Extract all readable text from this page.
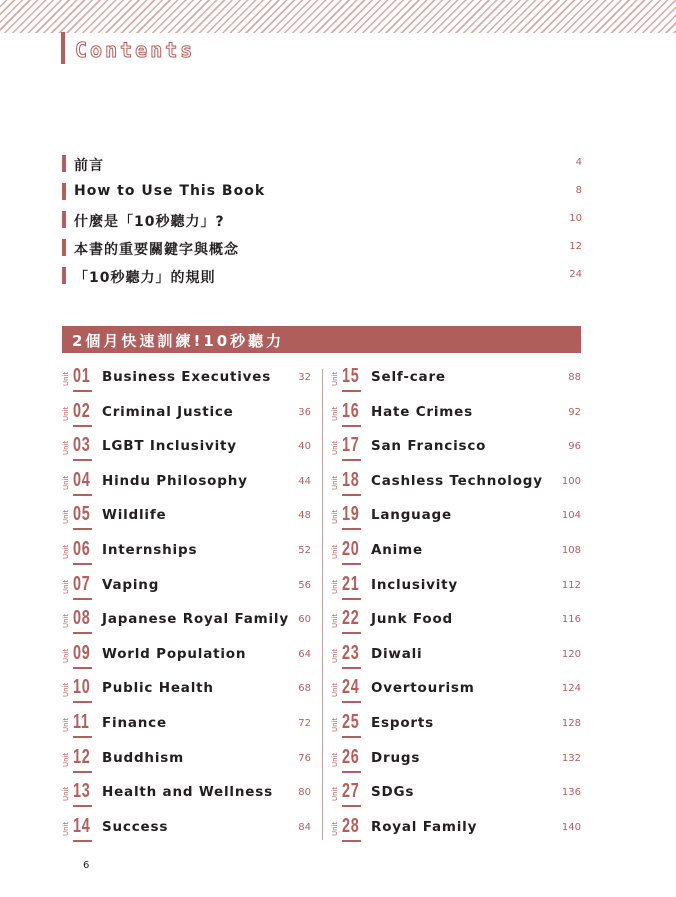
Contents
前言	4
How to Use This Book	8
什麼是「10秒聽力」?	10
本書的重要關鍵字與概念	12
「10秒聽力」的規則	24
2個月快速訓練!10秒聽力
Unit 01 Business Executives	32
Unit 02 Criminal Justice	36
Unit 03 LGBT Inclusivity	40
Unit 04 Hindu Philosophy	44
Unit 05 Wildlife	48
Unit 06 Internships	52
Unit 07 Vaping	56
Unit 08 Japanese Royal Family 60
Unit 09 World Population	64
Unit 10 Public Health	68
Unit 11 Finance	72
Unit 12 Buddhism	76
Unit 13 Health and Wellness	80
Unit 14 Success	84
Unit 15 Self-care	88
Unit 16 Hate Crimes	92
Unit 17 San Francisco	96
Unit 18 Cashless Technology 100
Unit 19 Language	104
Unit 20 Anime	108
Unit 21 Inclusivity	112
Unit 22 Junk Food	116
Unit 23 Diwali	120
Unit 24 Overtourism	124
Unit 25 Esports	128
Unit 26 Drugs	132
Unit 27 SDGs	136
Unit 28 Royal Family	140
6
